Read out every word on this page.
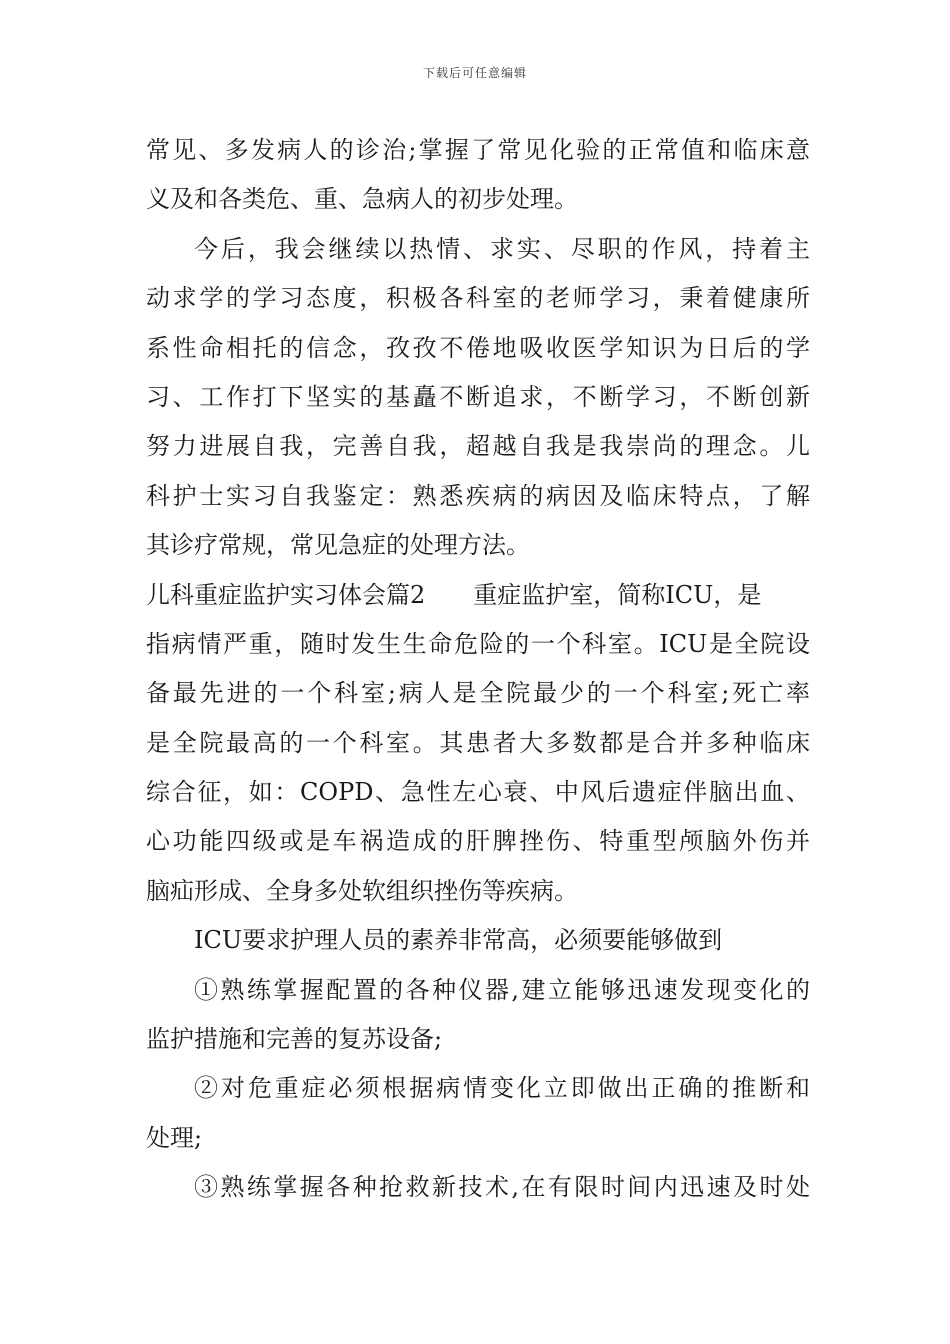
下载后可任意编辑
常见、多发病人的诊治;掌握了常见化验的正常值和临床意
义及和各类危、重、急病人的初步处理。
今后，我会继续以热情、求实、尽职的作风，持着主
动求学的学习态度，积极各科室的老师学习，秉着健康所
系性命相托的信念，孜孜不倦地吸收医学知识为日后的学
习、工作打下坚实的基矗不断追求，不断学习，不断创新
努力进展自我，完善自我，超越自我是我崇尚的理念。儿
科护士实习自我鉴定：熟悉疾病的病因及临床特点，了解
其诊疗常规，常见急症的处理方法。
儿科重症监护实习体会篇2 重症监护室，简称ICU，是
指病情严重，随时发生生命危险的一个科室。ICU是全院设
备最先进的一个科室;病人是全院最少的一个科室;死亡率
是全院最高的一个科室。其患者大多数都是合并多种临床
综合征，如：COPD、急性左心衰、中风后遗症伴脑出血、
心功能四级或是车祸造成的肝脾挫伤、特重型颅脑外伤并
脑疝形成、全身多处软组织挫伤等疾病。
ICU要求护理人员的素养非常高，必须要能够做到
①熟练掌握配置的各种仪器,建立能够迅速发现变化的
监护措施和完善的复苏设备;
②对危重症必须根据病情变化立即做出正确的推断和
处理;
③熟练掌握各种抢救新技术,在有限时间内迅速及时处
